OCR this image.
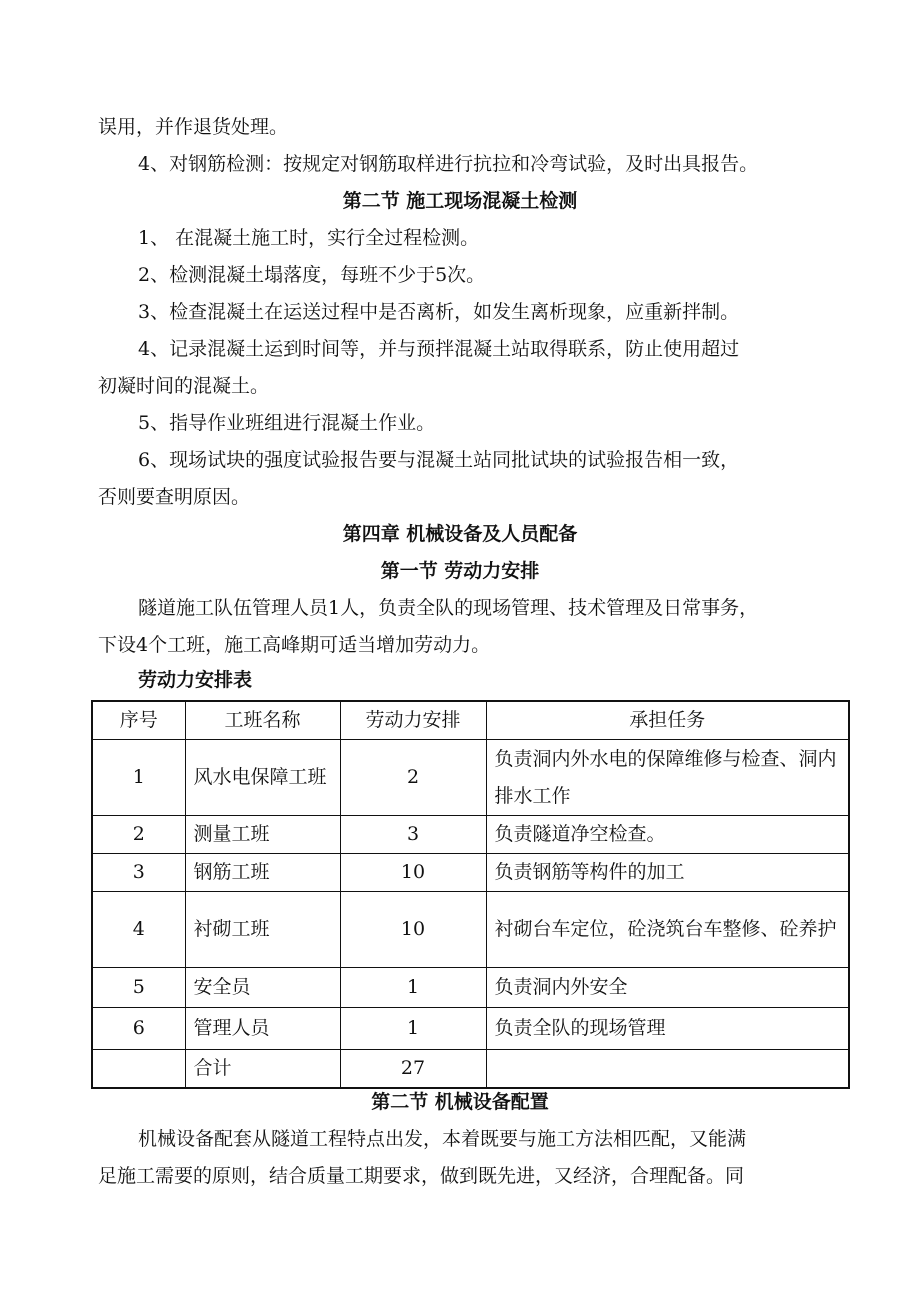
误用，并作退货处理。

4、对钢筋检测：按规定对钢筋取样进行抗拉和冷弯试验，及时出具报告。

第二节 施工现场混凝土检测

1、 在混凝土施工时，实行全过程检测。

2、检测混凝土塌落度，每班不少于5次。

3、检查混凝土在运送过程中是否离析，如发生离析现象，应重新拌制。

4、记录混凝土运到时间等，并与预拌混凝土站取得联系，防止使用超过

初凝时间的混凝土。

5、指导作业班组进行混凝土作业。

6、现场试块的强度试验报告要与混凝土站同批试块的试验报告相一致，

否则要查明原因。

第四章 机械设备及人员配备
第一节 劳动力安排

隧道施工队伍管理人员1人，负责全队的现场管理、技术管理及日常事务，

下设4个工班，施工高峰期可适当增加劳动力。

劳动力安排表
序号	工班名称	劳动力安排	承担任务
1	风水电保障工班	2	负责洞内外水电的保障维修与检查、洞内排水工作
2	测量工班	3	负责隧道净空检查。
3	钢筋工班	10	负责钢筋等构件的加工
4	衬砌工班	10	衬砌台车定位，砼浇筑台车整修、砼养护
5	安全员	1	负责洞内外安全
6	管理人员	1	负责全队的现场管理
	合计	27	
第二节 机械设备配置

机械设备配套从隧道工程特点出发，本着既要与施工方法相匹配，又能满

足施工需要的原则，结合质量工期要求，做到既先进，又经济，合理配备。同
